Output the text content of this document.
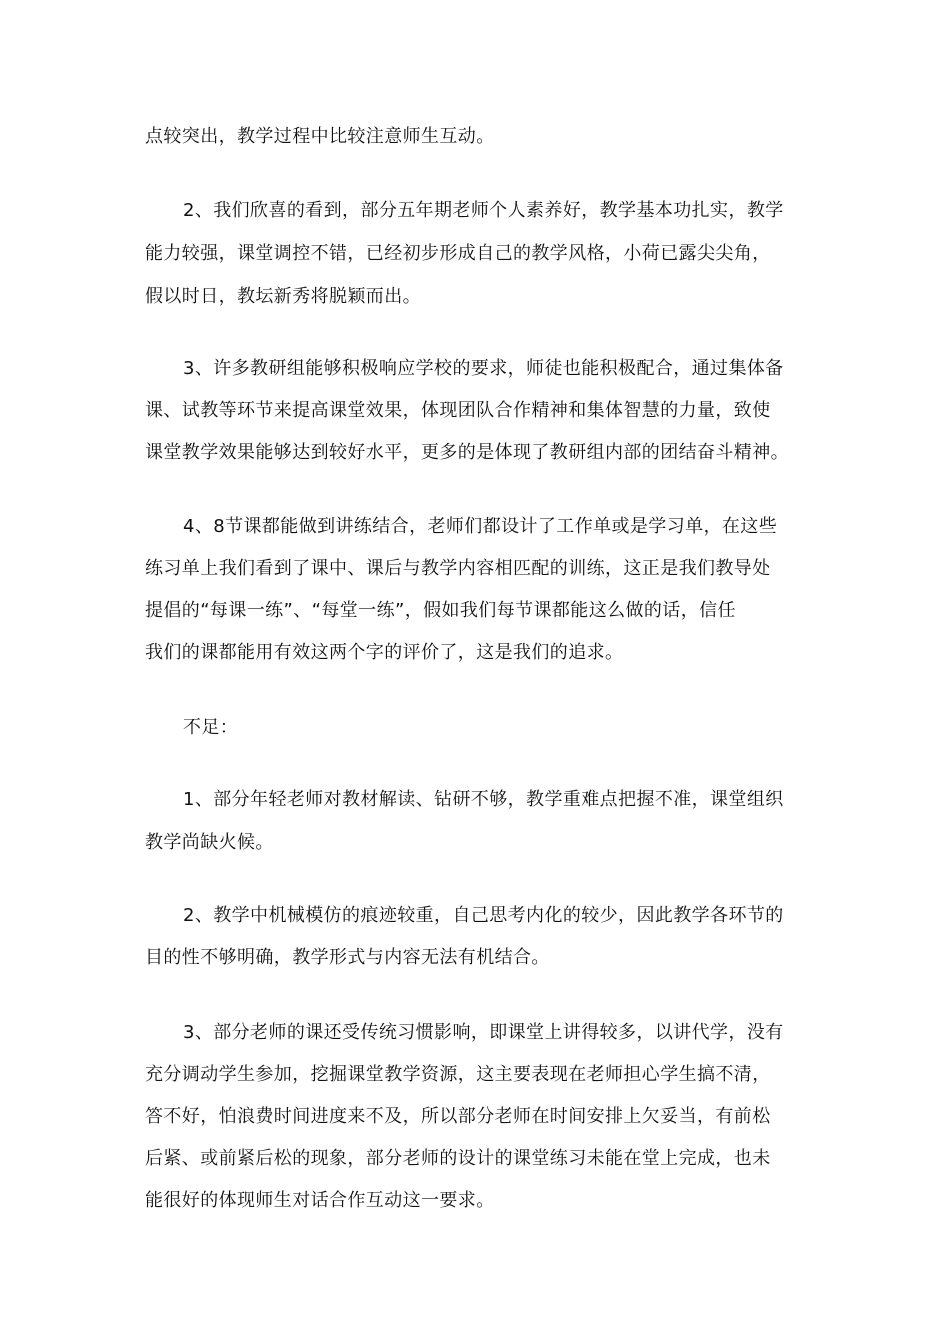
点较突出，教学过程中比较注意师生互动。
2、我们欣喜的看到，部分五年期老师个人素养好，教学基本功扎实，教学
能力较强，课堂调控不错，已经初步形成自己的教学风格，小荷已露尖尖角，
假以时日，教坛新秀将脱颖而出。
3、许多教研组能够积极响应学校的要求，师徒也能积极配合，通过集体备
课、试教等环节来提高课堂效果，体现团队合作精神和集体智慧的力量，致使
课堂教学效果能够达到较好水平，更多的是体现了教研组内部的团结奋斗精神。
4、8节课都能做到讲练结合，老师们都设计了工作单或是学习单，在这些
练习单上我们看到了课中、课后与教学内容相匹配的训练，这正是我们教导处
提倡的“每课一练”、“每堂一练”，假如我们每节课都能这么做的话，信任
我们的课都能用有效这两个字的评价了，这是我们的追求。
不足：
1、部分年轻老师对教材解读、钻研不够，教学重难点把握不准，课堂组织
教学尚缺火候。
2、教学中机械模仿的痕迹较重，自己思考内化的较少，因此教学各环节的
目的性不够明确，教学形式与内容无法有机结合。
3、部分老师的课还受传统习惯影响，即课堂上讲得较多，以讲代学，没有
充分调动学生参加，挖掘课堂教学资源，这主要表现在老师担心学生搞不清，
答不好，怕浪费时间进度来不及，所以部分老师在时间安排上欠妥当，有前松
后紧、或前紧后松的现象，部分老师的设计的课堂练习未能在堂上完成，也未
能很好的体现师生对话合作互动这一要求。
